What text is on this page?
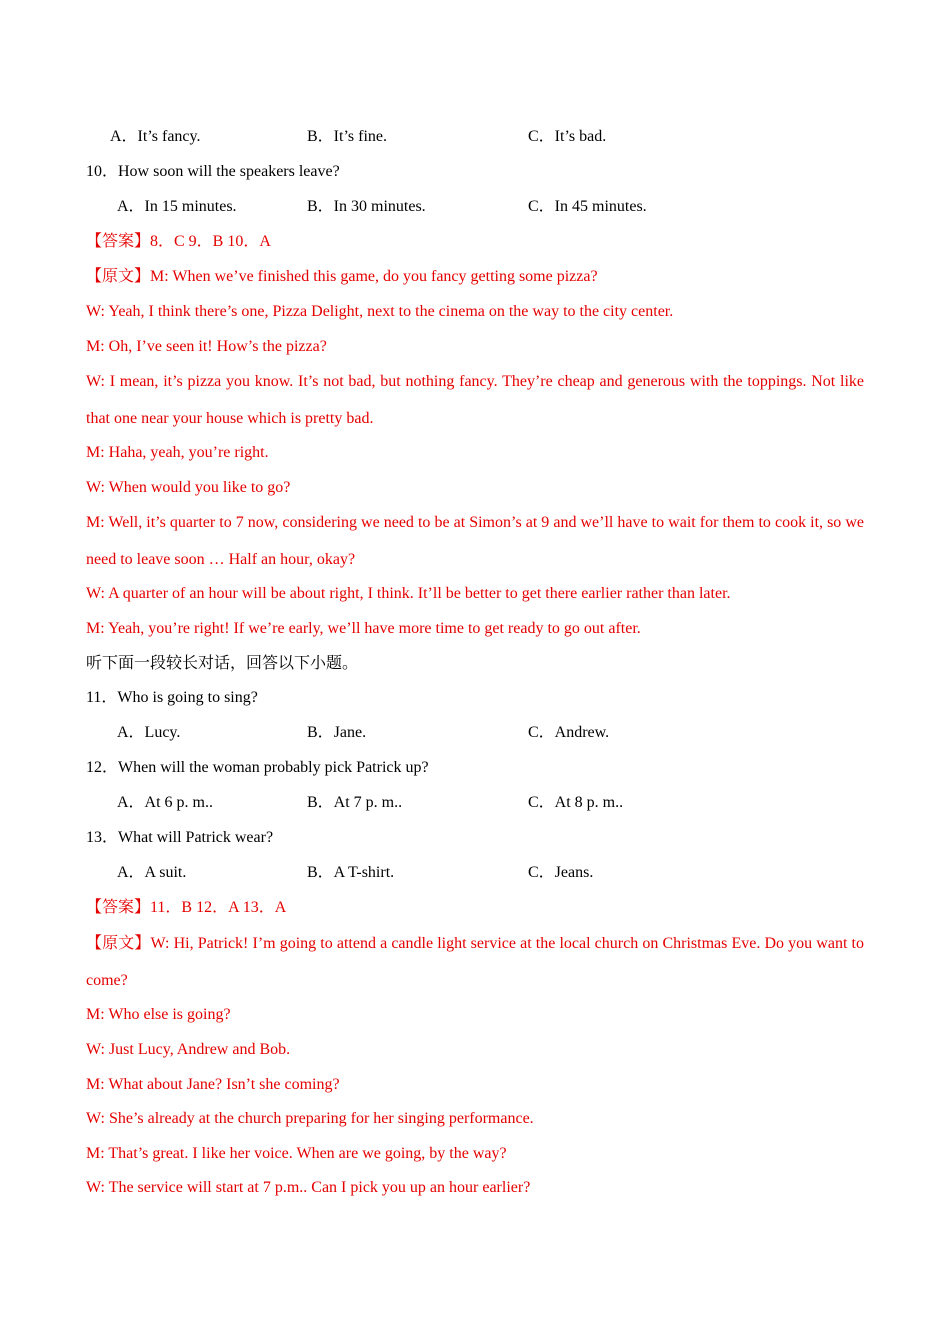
A．It’s fancy.	B．It’s fine.	C．It’s bad.
10．How soon will the speakers leave?
A．In 15 minutes.	B．In 30 minutes.	C．In 45 minutes.
【答案】8．C 9．B 10．A
【原文】M: When we’ve finished this game, do you fancy getting some pizza?
W: Yeah, I think there’s one, Pizza Delight, next to the cinema on the way to the city center.
M: Oh, I’ve seen it! How’s the pizza?
W: I mean, it’s pizza you know. It’s not bad, but nothing fancy. They’re cheap and generous with the toppings. Not like that one near your house which is pretty bad.
M: Haha, yeah, you’re right.
W: When would you like to go?
M: Well, it’s quarter to 7 now, considering we need to be at Simon’s at 9 and we’ll have to wait for them to cook it, so we need to leave soon … Half an hour, okay?
W: A quarter of an hour will be about right, I think. It’ll be better to get there earlier rather than later.
M: Yeah, you’re right! If we’re early, we’ll have more time to get ready to go out after.
听下面一段较长对话，回答以下小题。
11．Who is going to sing?
A．Lucy.	B．Jane.	C．Andrew.
12．When will the woman probably pick Patrick up?
A．At 6 p. m..	B．At 7 p. m..	C．At 8 p. m..
13．What will Patrick wear?
A．A suit.	B．A T-shirt.	C．Jeans.
【答案】11．B 12．A 13．A
【原文】W: Hi, Patrick! I’m going to attend a candle light service at the local church on Christmas Eve. Do you want to come?
M: Who else is going?
W: Just Lucy, Andrew and Bob.
M: What about Jane? Isn’t she coming?
W: She’s already at the church preparing for her singing performance.
M: That’s great. I like her voice. When are we going, by the way?
W: The service will start at 7 p.m.. Can I pick you up an hour earlier?
